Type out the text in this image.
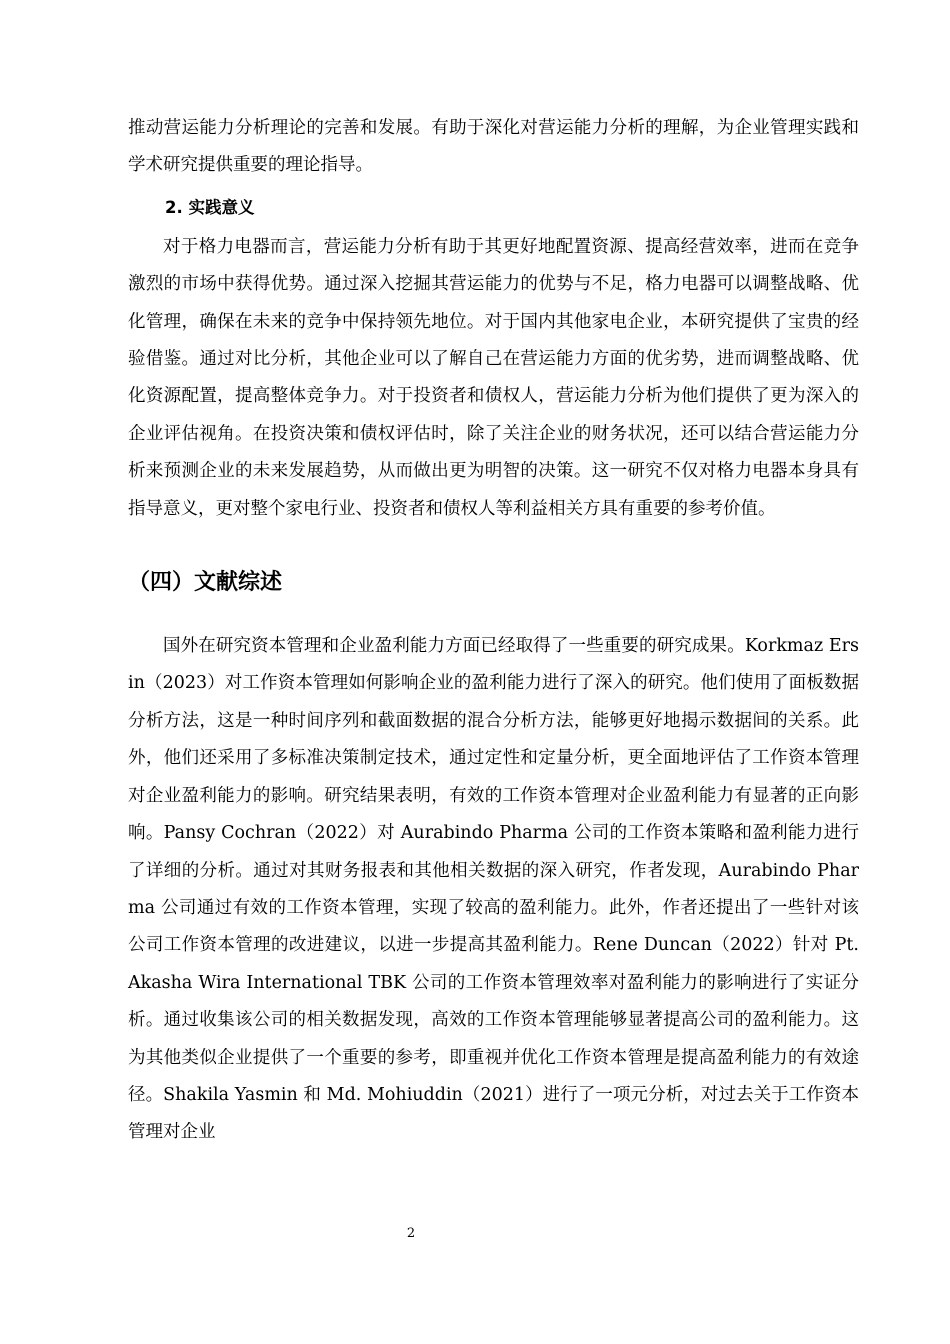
推动营运能力分析理论的完善和发展。有助于深化对营运能力分析的理解，为企业管理实践和学术研究提供重要的理论指导。

2. 实践意义

对于格力电器而言，营运能力分析有助于其更好地配置资源、提高经营效率，进而在竞争激烈的市场中获得优势。通过深入挖掘其营运能力的优势与不足，格力电器可以调整战略、优化管理，确保在未来的竞争中保持领先地位。对于国内其他家电企业，本研究提供了宝贵的经验借鉴。通过对比分析，其他企业可以了解自己在营运能力方面的优劣势，进而调整战略、优化资源配置，提高整体竞争力。对于投资者和债权人，营运能力分析为他们提供了更为深入的企业评估视角。在投资决策和债权评估时，除了关注企业的财务状况，还可以结合营运能力分析来预测企业的未来发展趋势，从而做出更为明智的决策。这一研究不仅对格力电器本身具有指导意义，更对整个家电行业、投资者和债权人等利益相关方具有重要的参考价值。

（四）文献综述

国外在研究资本管理和企业盈利能力方面已经取得了一些重要的研究成果。Korkmaz Ersin（2023）对工作资本管理如何影响企业的盈利能力进行了深入的研究。他们使用了面板数据分析方法，这是一种时间序列和截面数据的混合分析方法，能够更好地揭示数据间的关系。此外，他们还采用了多标准决策制定技术，通过定性和定量分析，更全面地评估了工作资本管理对企业盈利能力的影响。研究结果表明，有效的工作资本管理对企业盈利能力有显著的正向影响。Pansy Cochran（2022）对 Aurabindo Pharma 公司的工作资本策略和盈利能力进行了详细的分析。通过对其财务报表和其他相关数据的深入研究，作者发现，Aurabindo Pharma 公司通过有效的工作资本管理，实现了较高的盈利能力。此外，作者还提出了一些针对该公司工作资本管理的改进建议，以进一步提高其盈利能力。Rene Duncan（2022）针对 Pt. Akasha Wira International TBK 公司的工作资本管理效率对盈利能力的影响进行了实证分析。通过收集该公司的相关数据发现，高效的工作资本管理能够显著提高公司的盈利能力。这为其他类似企业提供了一个重要的参考，即重视并优化工作资本管理是提高盈利能力的有效途径。Shakila Yasmin 和 Md. Mohiuddin（2021）进行了一项元分析，对过去关于工作资本管理对企业

2
